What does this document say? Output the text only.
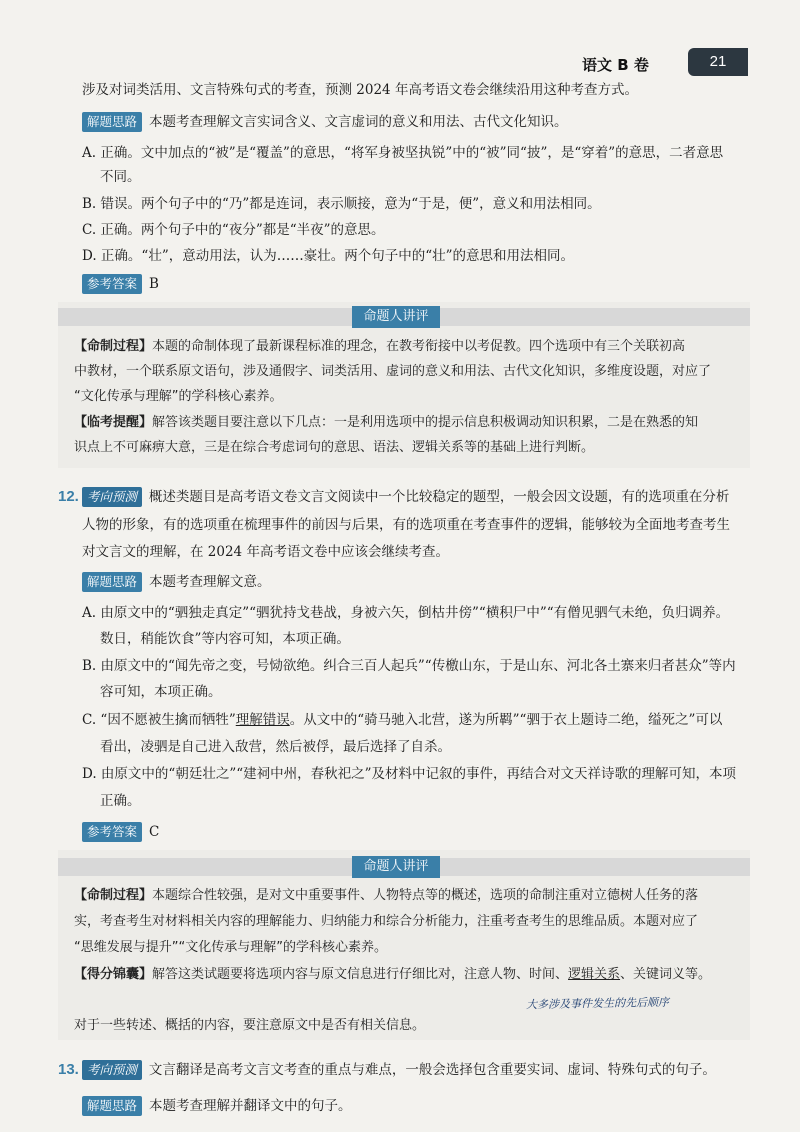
语文 B 卷	21
涉及对词类活用、文言特殊句式的考查，预测 2024 年高考语文卷会继续沿用这种考查方式。
解题思路 本题考查理解文言实词含义、文言虚词的意义和用法、古代文化知识。
A. 正确。文中加点的“被”是“覆盖”的意思，“将军身被坚执锐”中的“被”同“披”，是“穿着”的意思，二者意思
不同。
B. 错误。两个句子中的“乃”都是连词，表示顺接，意为“于是，便”，意义和用法相同。
C. 正确。两个句子中的“夜分”都是“半夜”的意思。
D. 正确。“壮”，意动用法，认为……豪壮。两个句子中的“壮”的意思和用法相同。
参考答案 B
命题人讲评
【命制过程】本题的命制体现了最新课程标准的理念，在教考衔接中以考促教。四个选项中有三个关联初高
中教材，一个联系原文语句，涉及通假字、词类活用、虚词的意义和用法、古代文化知识，多维度设题，对应了
“文化传承与理解”的学科核心素养。
【临考提醒】解答该类题目要注意以下几点：一是利用选项中的提示信息积极调动知识积累，二是在熟悉的知
识点上不可麻痹大意，三是在综合考虑词句的意思、语法、逻辑关系等的基础上进行判断。
12. 考向预测 概述类题目是高考语文卷文言文阅读中一个比较稳定的题型，一般会因文设题，有的选项重在分析
人物的形象，有的选项重在梳理事件的前因与后果，有的选项重在考查事件的逻辑，能够较为全面地考查考生
对文言文的理解，在 2024 年高考语文卷中应该会继续考查。
解题思路 本题考查理解文意。
A. 由原文中的“驷独走真定”“驷犹持戈巷战，身被六矢，倒枯井傍”“横积尸中”“有僧见驷气未绝，负归调养。
数日，稍能饮食”等内容可知，本项正确。
B. 由原文中的“闻先帝之变，号恸欲绝。纠合三百人起兵”“传檄山东，于是山东、河北各土寨来归者甚众”等内
容可知，本项正确。
C. “因不愿被生擒而牺牲”理解错误。从文中的“骑马驰入北营，遂为所羁”“驷于衣上题诗二绝，缢死之”可以
看出，凌驷是自己进入敌营，然后被俘，最后选择了自杀。
D. 由原文中的“朝廷壮之”“建祠中州，春秋祀之”及材料中记叙的事件，再结合对文天祥诗歌的理解可知，本项
正确。
参考答案 C
命题人讲评
【命制过程】本题综合性较强，是对文中重要事件、人物特点等的概述，选项的命制注重对立德树人任务的落
实，考查考生对材料相关内容的理解能力、归纳能力和综合分析能力，注重考查考生的思维品质。本题对应了
“思维发展与提升”“文化传承与理解”的学科核心素养。
【得分锦囊】解答这类试题要将选项内容与原文信息进行仔细比对，注意人物、时间、逻辑关系、关键词义等。
大多涉及事件发生的先后顺序
对于一些转述、概括的内容，要注意原文中是否有相关信息。
13. 考向预测 文言翻译是高考文言文考查的重点与难点，一般会选择包含重要实词、虚词、特殊句式的句子。
解题思路 本题考查理解并翻译文中的句子。
